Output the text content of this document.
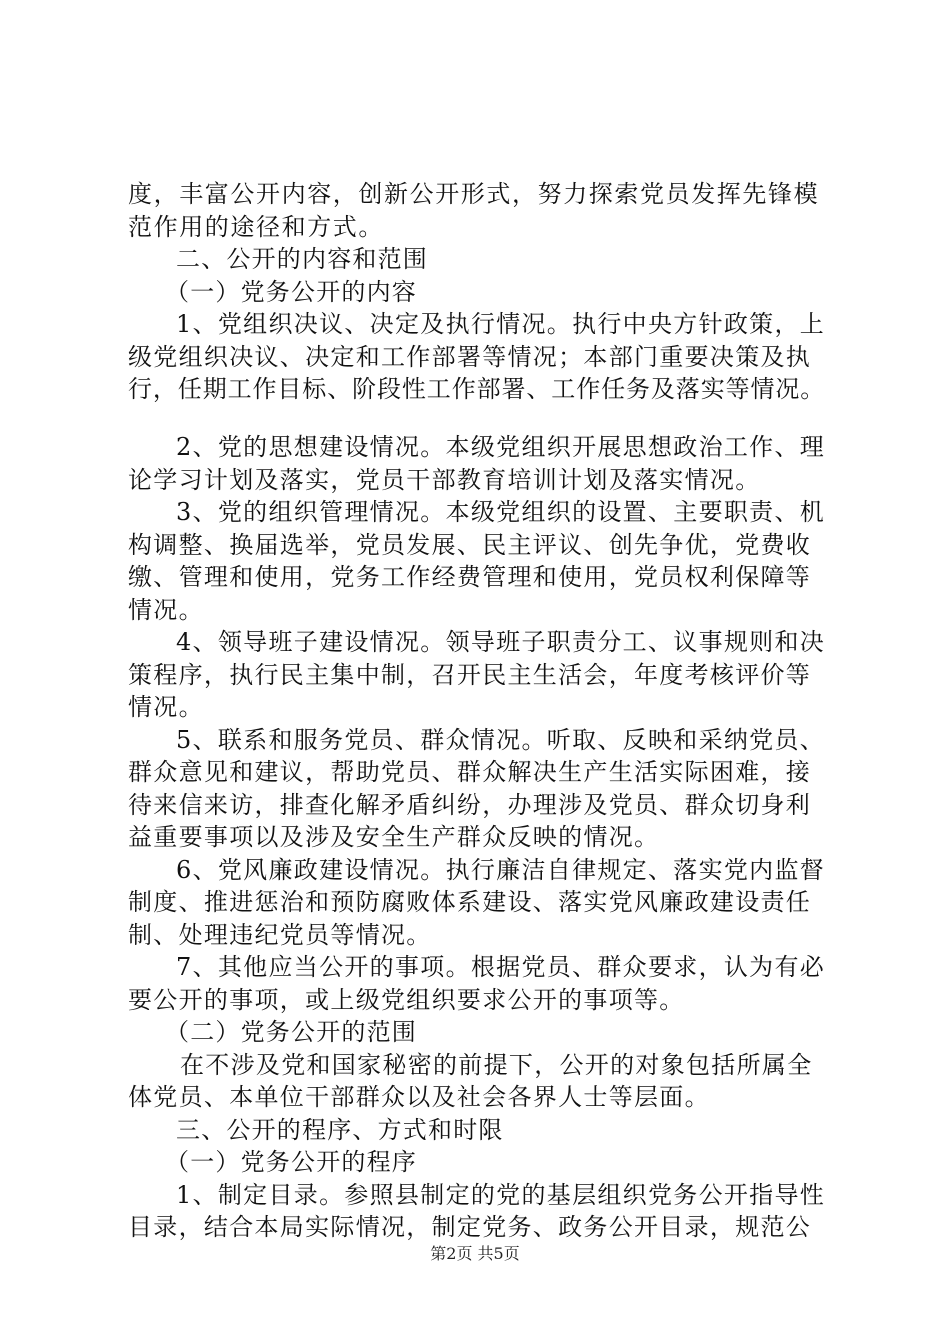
度，丰富公开内容，创新公开形式，努力探索党员发挥先锋模
范作用的途径和方式。
二、公开的内容和范围
（一）党务公开的内容
1、党组织决议、决定及执行情况。执行中央方针政策，上
级党组织决议、决定和工作部署等情况；本部门重要决策及执
行，任期工作目标、阶段性工作部署、工作任务及落实等情况。
2、党的思想建设情况。本级党组织开展思想政治工作、理
论学习计划及落实，党员干部教育培训计划及落实情况。
3、党的组织管理情况。本级党组织的设置、主要职责、机
构调整、换届选举，党员发展、民主评议、创先争优，党费收
缴、管理和使用，党务工作经费管理和使用，党员权利保障等
情况。
4、领导班子建设情况。领导班子职责分工、议事规则和决
策程序，执行民主集中制，召开民主生活会，年度考核评价等
情况。
5、联系和服务党员、群众情况。听取、反映和采纳党员、
群众意见和建议，帮助党员、群众解决生产生活实际困难，接
待来信来访，排查化解矛盾纠纷，办理涉及党员、群众切身利
益重要事项以及涉及安全生产群众反映的情况。
6、党风廉政建设情况。执行廉洁自律规定、落实党内监督
制度、推进惩治和预防腐败体系建设、落实党风廉政建设责任
制、处理违纪党员等情况。
7、其他应当公开的事项。根据党员、群众要求，认为有必
要公开的事项，或上级党组织要求公开的事项等。
（二）党务公开的范围
在不涉及党和国家秘密的前提下，公开的对象包括所属全
体党员、本单位干部群众以及社会各界人士等层面。
三、公开的程序、方式和时限
（一）党务公开的程序
1、制定目录。参照县制定的党的基层组织党务公开指导性
目录，结合本局实际情况，制定党务、政务公开目录，规范公
第2页 共5页
